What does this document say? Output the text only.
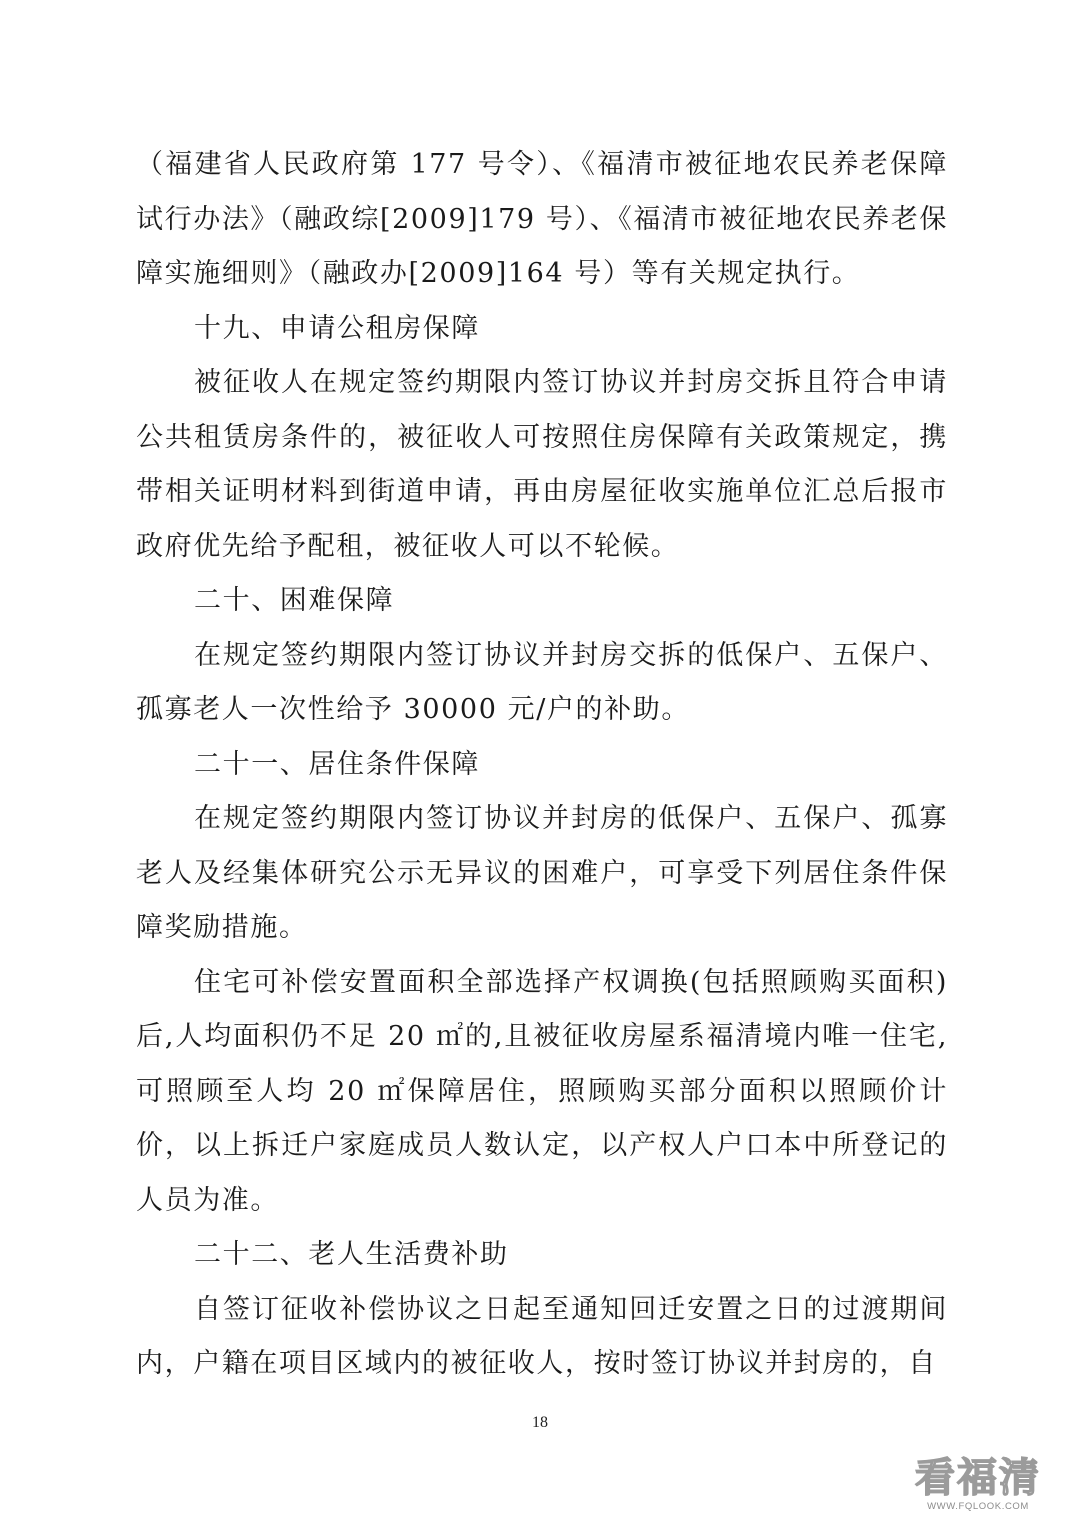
（福建省人民政府第 177 号令）、《福清市被征地农民养老保障试行办法》（融政综[2009]179 号）、《福清市被征地农民养老保障实施细则》（融政办[2009]164 号）等有关规定执行。

十九、申请公租房保障

被征收人在规定签约期限内签订协议并封房交拆且符合申请公共租赁房条件的，被征收人可按照住房保障有关政策规定，携带相关证明材料到街道申请，再由房屋征收实施单位汇总后报市政府优先给予配租，被征收人可以不轮候。

二十、困难保障

在规定签约期限内签订协议并封房交拆的低保户、五保户、孤寡老人一次性给予 30000 元/户的补助。

二十一、居住条件保障

在规定签约期限内签订协议并封房的低保户、五保户、孤寡老人及经集体研究公示无异议的困难户，可享受下列居住条件保障奖励措施。

住宅可补偿安置面积全部选择产权调换(包括照顾购买面积)后,人均面积仍不足 20 ㎡的,且被征收房屋系福清境内唯一住宅,可照顾至人均 20 ㎡保障居住，照顾购买部分面积以照顾价计价，以上拆迁户家庭成员人数认定，以产权人户口本中所登记的人员为准。

二十二、老人生活费补助

自签订征收补偿协议之日起至通知回迁安置之日的过渡期间内，户籍在项目区域内的被征收人，按时签订协议并封房的，自

18
看福清
WWW.FQLOOK.COM
